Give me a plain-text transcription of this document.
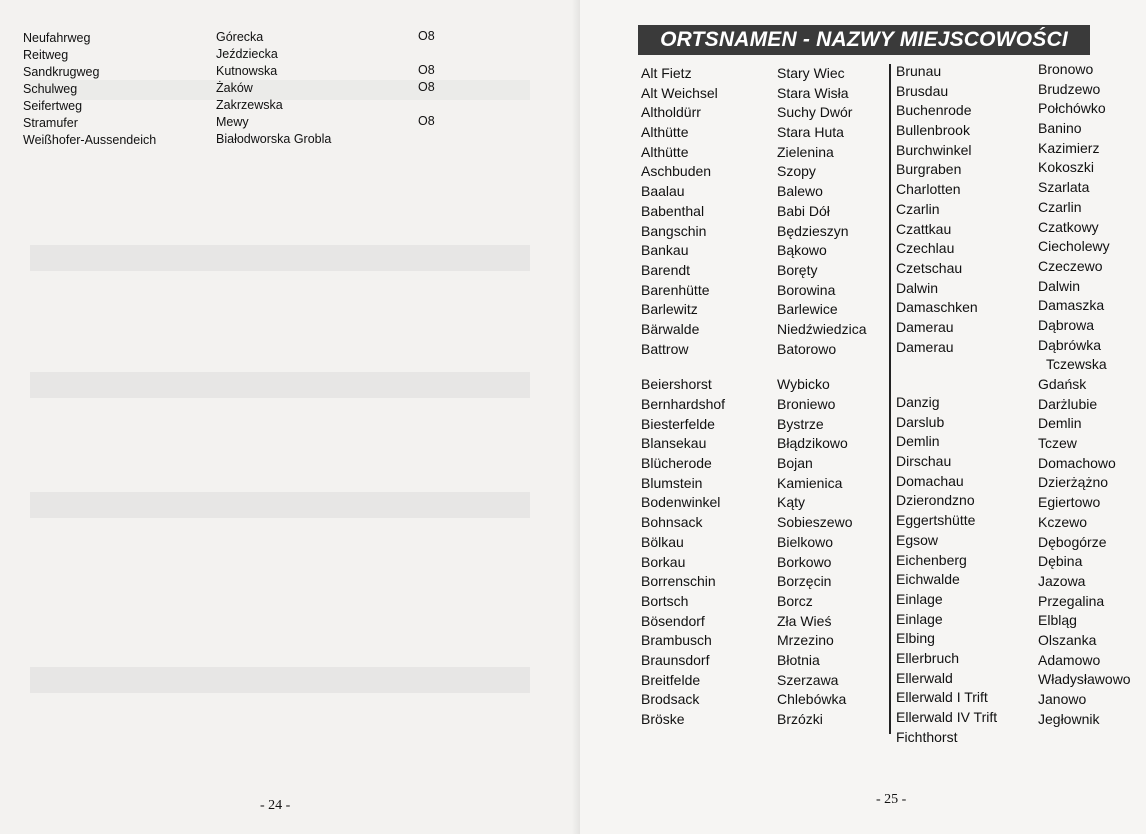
Neufahrweg
Reitweg
Sandkrugweg
Schulweg
Seifertweg
Stramufer
Weißhofer-Aussendeich
Górecka
Jeździecka
Kutnowska
Żaków
Zakrzewska
Mewy
Białodworska Grobla
O8
O8
O8
O8
- 24 -
ORTSNAMEN - NAZWY MIEJSCOWOŚCI
Alt Fietz
Alt Weichsel
Altholdürr
Althütte
Althütte
Aschbuden
Baalau
Babenthal
Bangschin
Bankau
Barendt
Barenhütte
Barlewitz
Bärwalde
Battrow
Beiershorst
Bernhardshof
Biesterfelde
Blansekau
Blücherode
Blumstein
Bodenwinkel
Bohnsack
Bölkau
Borkau
Borrenschin
Bortsch
Bösendorf
Brambusch
Braunsdorf
Breitfelde
Brodsack
Bröske
Stary Wiec
Stara Wisła
Suchy Dwór
Stara Huta
Zielenina
Szopy
Balewo
Babi Dół
Będzieszyn
Bąkowo
Boręty
Borowina
Barlewice
Niedźwiedzica
Batorowo
Wybicko
Broniewo
Bystrze
Błądzikowo
Bojan
Kamienica
Kąty
Sobieszewo
Bielkowo
Borkowo
Borzęcin
Borcz
Zła Wieś
Mrzezino
Błotnia
Szerzawa
Chlebówka
Brzózki
Brunau
Brusdau
Buchenrode
Bullenbrook
Burchwinkel
Burgraben
Charlotten
Czarlin
Czattkau
Czechlau
Czetschau
Dalwin
Damaschken
Damerau
Damerau
Danzig
Darslub
Demlin
Dirschau
Domachau
Dzierondzno
Eggertshütte
Egsow
Eichenberg
Eichwalde
Einlage
Einlage
Elbing
Ellerbruch
Ellerwald
Ellerwald I Trift
Ellerwald IV Trift
Fichthorst
Bronowo
Brudzewo
Połchówko
Banino
Kazimierz
Kokoszki
Szarlata
Czarlin
Czatkowy
Ciecholewy
Czeczewo
Dalwin
Damaszka
Dąbrowa
Dąbrówka
Tczewska
Gdańsk
Darżlubie
Demlin
Tczew
Domachowo
Dzierżążno
Egiertowo
Kczewo
Dębogórze
Dębina
Jazowa
Przegalina
Elbląg
Olszanka
Adamowo
Władysławowo
Janowo
Jegłownik
- 25 -
